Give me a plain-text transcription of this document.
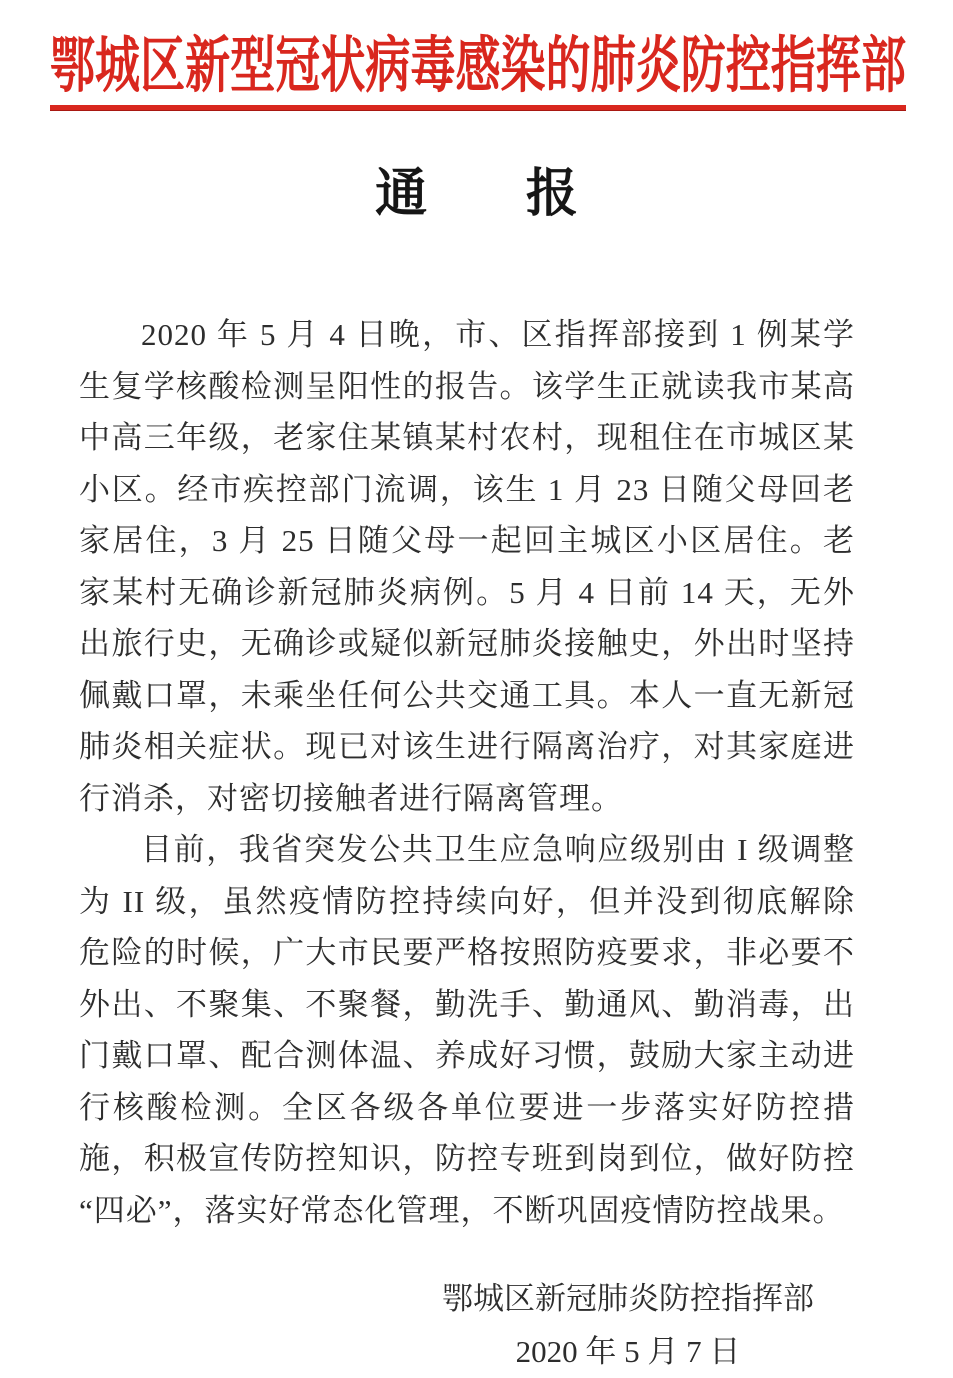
鄂城区新型冠状病毒感染的肺炎防控指挥部
通报

2020 年 5 月 4 日晚，市、区指挥部接到 1 例某学生复学核酸检测呈阳性的报告。该学生正就读我市某高中高三年级，老家住某镇某村农村，现租住在市城区某小区。经市疾控部门流调，该生 1 月 23 日随父母回老家居住，3 月 25 日随父母一起回主城区小区居住。老家某村无确诊新冠肺炎病例。5 月 4 日前 14 天，无外出旅行史，无确诊或疑似新冠肺炎接触史，外出时坚持佩戴口罩，未乘坐任何公共交通工具。本人一直无新冠肺炎相关症状。现已对该生进行隔离治疗，对其家庭进行消杀，对密切接触者进行隔离管理。

目前，我省突发公共卫生应急响应级别由 I 级调整为 II 级，虽然疫情防控持续向好，但并没到彻底解除危险的时候，广大市民要严格按照防疫要求，非必要不外出、不聚集、不聚餐，勤洗手、勤通风、勤消毒，出门戴口罩、配合测体温、养成好习惯，鼓励大家主动进行核酸检测。全区各级各单位要进一步落实好防控措施，积极宣传防控知识，防控专班到岗到位，做好防控“四必”，落实好常态化管理，不断巩固疫情防控战果。

鄂城区新冠肺炎防控指挥部
2020 年 5 月 7 日
